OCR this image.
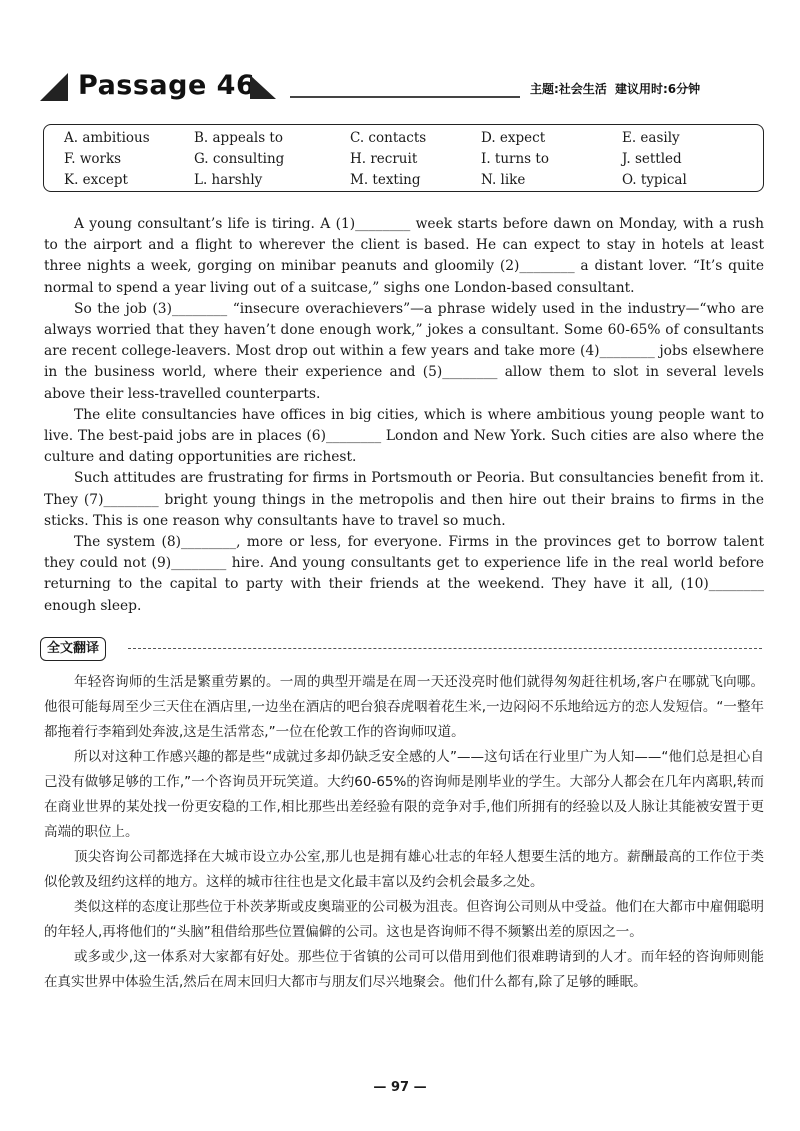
Passage 46	主题:社会生活 建议用时:6分钟
A. ambitious	B. appeals to	C. contacts	D. expect	E. easily
F. works	G. consulting	H. recruit	I. turns to	J. settled
K. except	L. harshly	M. texting	N. like	O. typical

A young consultant’s life is tiring. A (1)________ week starts before dawn on Monday, with a rush to the airport and a flight to wherever the client is based. He can expect to stay in hotels at least three nights a week, gorging on minibar peanuts and gloomily (2)________ a distant lover. “It’s quite normal to spend a year living out of a suitcase,” sighs one London-based consultant.

So the job (3)________ “insecure overachievers”—a phrase widely used in the industry—“who are always worried that they haven’t done enough work,” jokes a consultant. Some 60-65% of consultants are recent college-leavers. Most drop out within a few years and take more (4)________ jobs elsewhere in the business world, where their experience and (5)________ allow them to slot in several levels above their less-travelled counterparts.

The elite consultancies have offices in big cities, which is where ambitious young people want to live. The best-paid jobs are in places (6)________ London and New York. Such cities are also where the culture and dating opportunities are richest.

Such attitudes are frustrating for firms in Portsmouth or Peoria. But consultancies benefit from it. They (7)________ bright young things in the metropolis and then hire out their brains to firms in the sticks. This is one reason why consultants have to travel so much.

The system (8)________, more or less, for everyone. Firms in the provinces get to borrow talent they could not (9)________ hire. And young consultants get to experience life in the real world before returning to the capital to party with their friends at the weekend. They have it all, (10)________ enough sleep.

全文翻译

年轻咨询师的生活是繁重劳累的。一周的典型开端是在周一天还没亮时他们就得匆匆赶往机场,客户在哪就飞向哪。他很可能每周至少三天住在酒店里,一边坐在酒店的吧台狼吞虎咽着花生米,一边闷闷不乐地给远方的恋人发短信。“一整年都拖着行李箱到处奔波,这是生活常态,”一位在伦敦工作的咨询师叹道。

所以对这种工作感兴趣的都是些“成就过多却仍缺乏安全感的人”——这句话在行业里广为人知——“他们总是担心自己没有做够足够的工作,”一个咨询员开玩笑道。大约60-65%的咨询师是刚毕业的学生。大部分人都会在几年内离职,转而在商业世界的某处找一份更安稳的工作,相比那些出差经验有限的竞争对手,他们所拥有的经验以及人脉让其能被安置于更高端的职位上。

顶尖咨询公司都选择在大城市设立办公室,那儿也是拥有雄心壮志的年轻人想要生活的地方。薪酬最高的工作位于类似伦敦及纽约这样的地方。这样的城市往往也是文化最丰富以及约会机会最多之处。

类似这样的态度让那些位于朴茨茅斯或皮奥瑞亚的公司极为沮丧。但咨询公司则从中受益。他们在大都市中雇佣聪明的年轻人,再将他们的“头脑”租借给那些位置偏僻的公司。这也是咨询师不得不频繁出差的原因之一。

或多或少,这一体系对大家都有好处。那些位于省镇的公司可以借用到他们很难聘请到的人才。而年轻的咨询师则能在真实世界中体验生活,然后在周末回归大都市与朋友们尽兴地聚会。他们什么都有,除了足够的睡眠。

— 97 —
